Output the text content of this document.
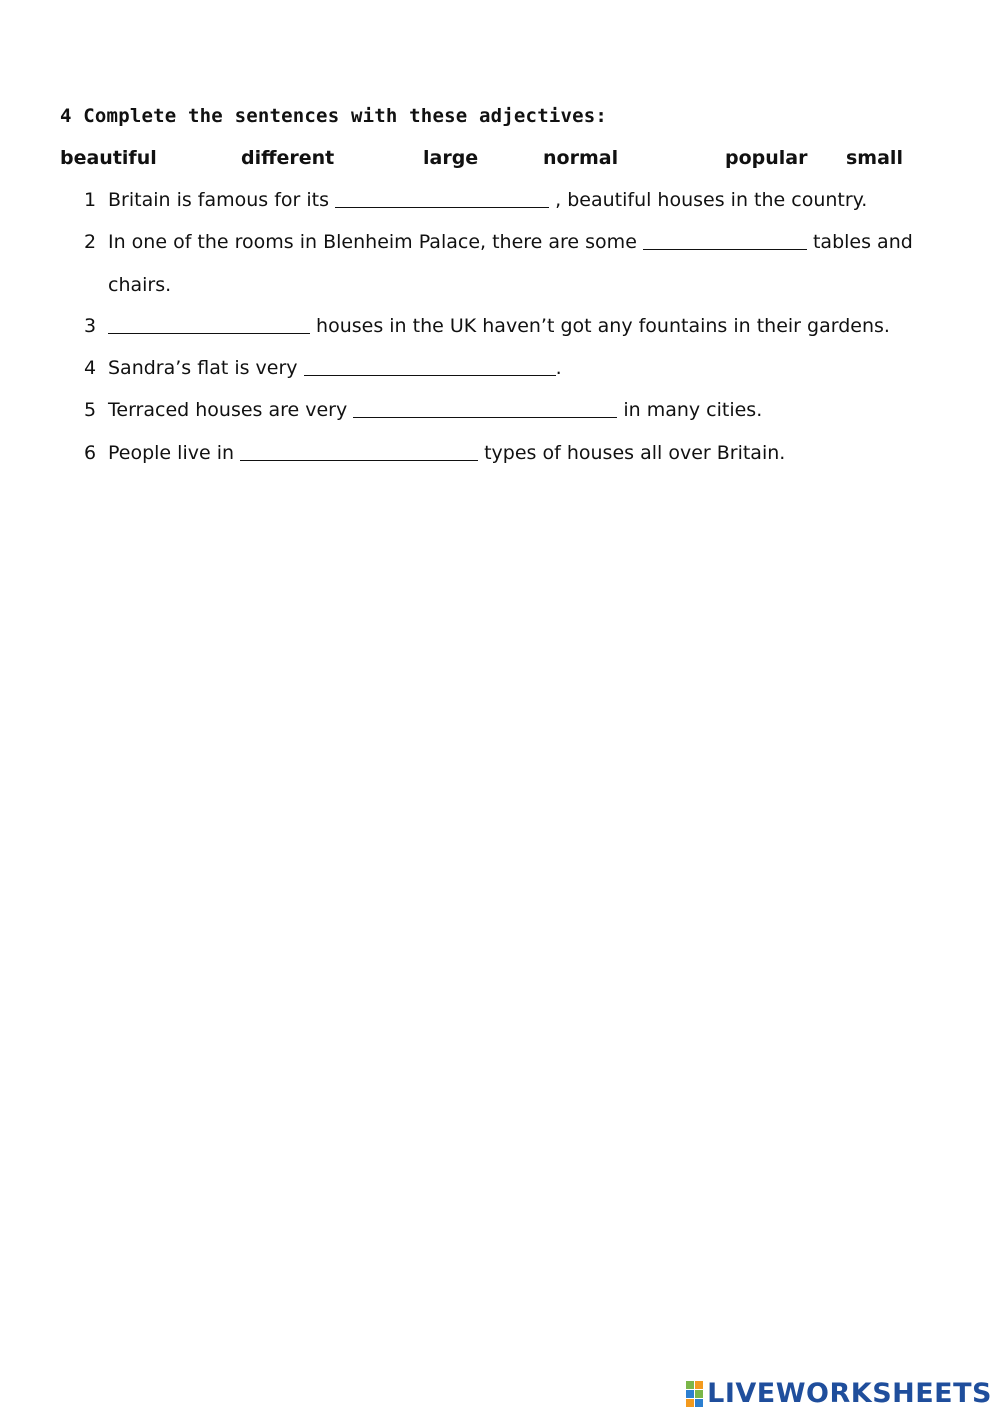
4 Complete the sentences with these adjectives:
beautiful	different	large	normal	popular small
1 Britain is famous for its	, beautiful houses in the country.
2 In one of the rooms in Blenheim Palace, there are some	tables and
chairs.
3	houses in the UK haven’t got any fountains in their gardens.
4 Sandra’s flat is very	.
5 Terraced houses are very	in many cities.
6 People live in	types of houses all over Britain.
LIVEWORKSHEETS
